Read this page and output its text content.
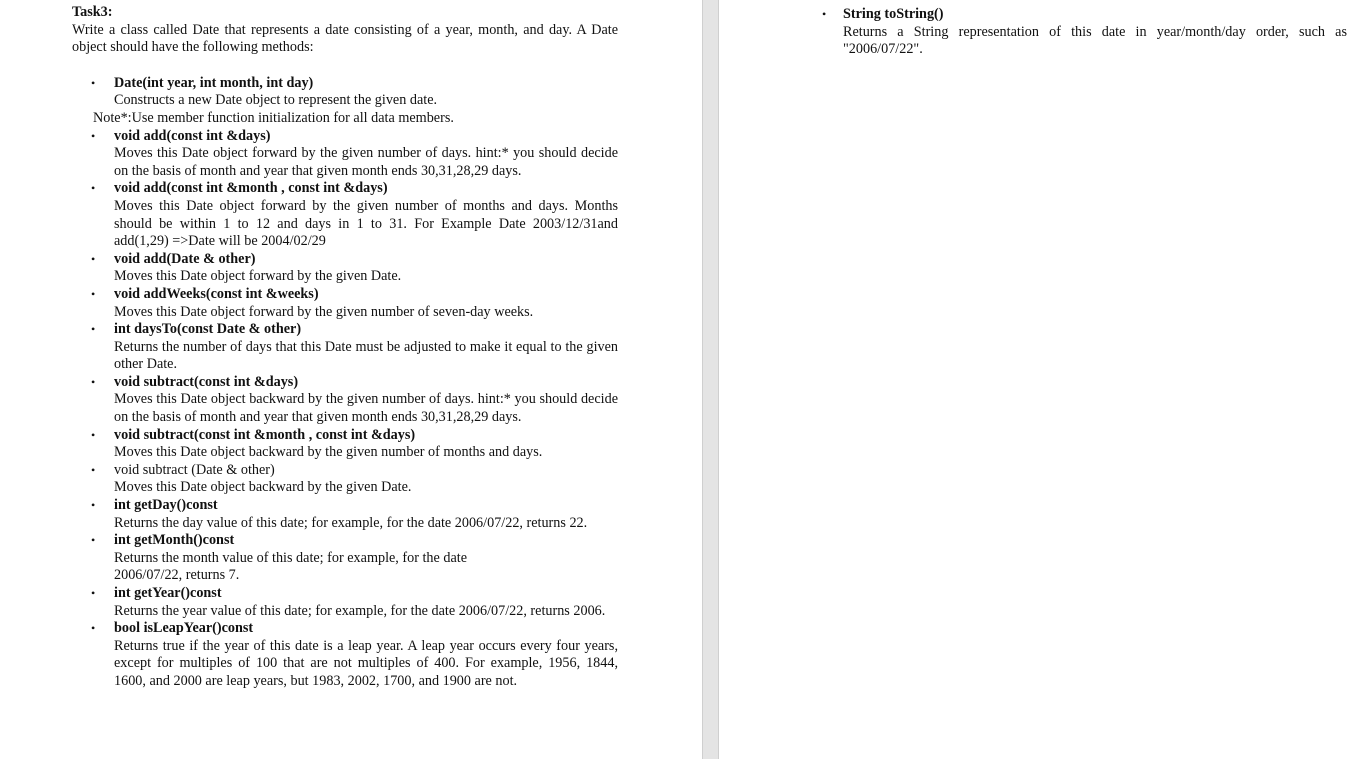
Task3:

Write a class called Date that represents a date consisting of a year, month, and day. A Date object should have the following methods:

• Date(int year, int month, int day)
Constructs a new Date object to represent the given date.
Note*:Use member function initialization for all data members.
• void add(const int &days)
Moves this Date object forward by the given number of days. hint:* you should decide on the basis of month and year that given month ends 30,31,28,29 days.
• void add(const int &month , const int &days)
Moves this Date object forward by the given number of months and days. Months should be within 1 to 12 and days in 1 to 31. For Example Date 2003/12/31and add(1,29) =>Date will be 2004/02/29
• void add(Date & other)
Moves this Date object forward by the given Date.
• void addWeeks(const int &weeks)
Moves this Date object forward by the given number of seven-day weeks.
• int daysTo(const Date & other)
Returns the number of days that this Date must be adjusted to make it equal to the given other Date.
• void subtract(const int &days)
Moves this Date object backward by the given number of days. hint:* you should decide on the basis of month and year that given month ends 30,31,28,29 days.
• void subtract(const int &month , const int &days)
Moves this Date object backward by the given number of months and days.
• void subtract (Date & other)
Moves this Date object backward by the given Date.
• int getDay()const
Returns the day value of this date; for example, for the date 2006/07/22, returns 22.
• int getMonth()const
Returns the month value of this date; for example, for the date
2006/07/22, returns 7.
• int getYear()const
Returns the year value of this date; for example, for the date 2006/07/22, returns 2006.
• bool isLeapYear()const
Returns true if the year of this date is a leap year. A leap year occurs every four years, except for multiples of 100 that are not multiples of 400. For example, 1956, 1844, 1600, and 2000 are leap years, but 1983, 2002, 1700, and 1900 are not.
• String toString()
Returns a String representation of this date in year/month/day order, such as "2006/07/22".
